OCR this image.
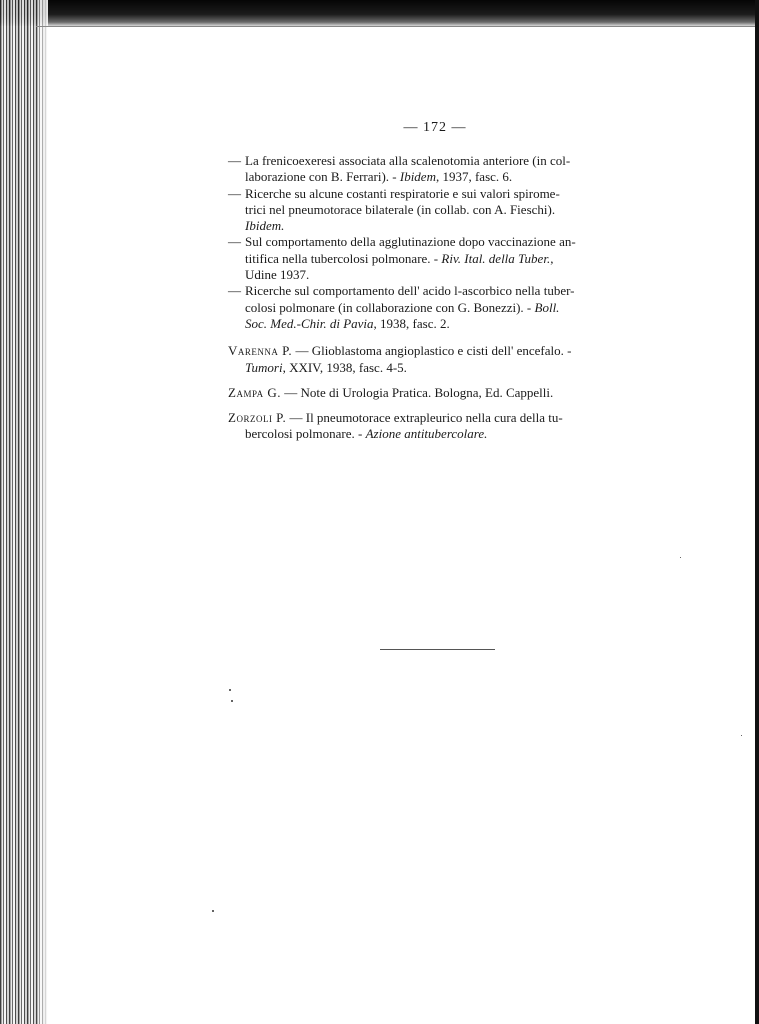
— 172 —
— La frenicoexeresi associata alla scalenotomia anteriore (in col-
laborazione con B. Ferrari). - Ibidem, 1937, fasc. 6.
— Ricerche su alcune costanti respiratorie e sui valori spirome-
trici nel pneumotorace bilaterale (in collab. con A. Fieschi).
Ibidem.
— Sul comportamento della agglutinazione dopo vaccinazione an-
titifica nella tubercolosi polmonare. - Riv. Ital. della Tuber.,
Udine 1937.
— Ricerche sul comportamento dell' acido l-ascorbico nella tuber-
colosi polmonare (in collaborazione con G. Bonezzi). - Boll.
Soc. Med.-Chir. di Pavia, 1938, fasc. 2.
Varenna P. — Glioblastoma angioplastico e cisti dell' encefalo. -
Tumori, XXIV, 1938, fasc. 4-5.
Zampa G. — Note di Urologia Pratica. Bologna, Ed. Cappelli.
Zorzoli P. — Il pneumotorace extrapleurico nella cura della tu-
bercolosi polmonare. - Azione antitubercolare.
